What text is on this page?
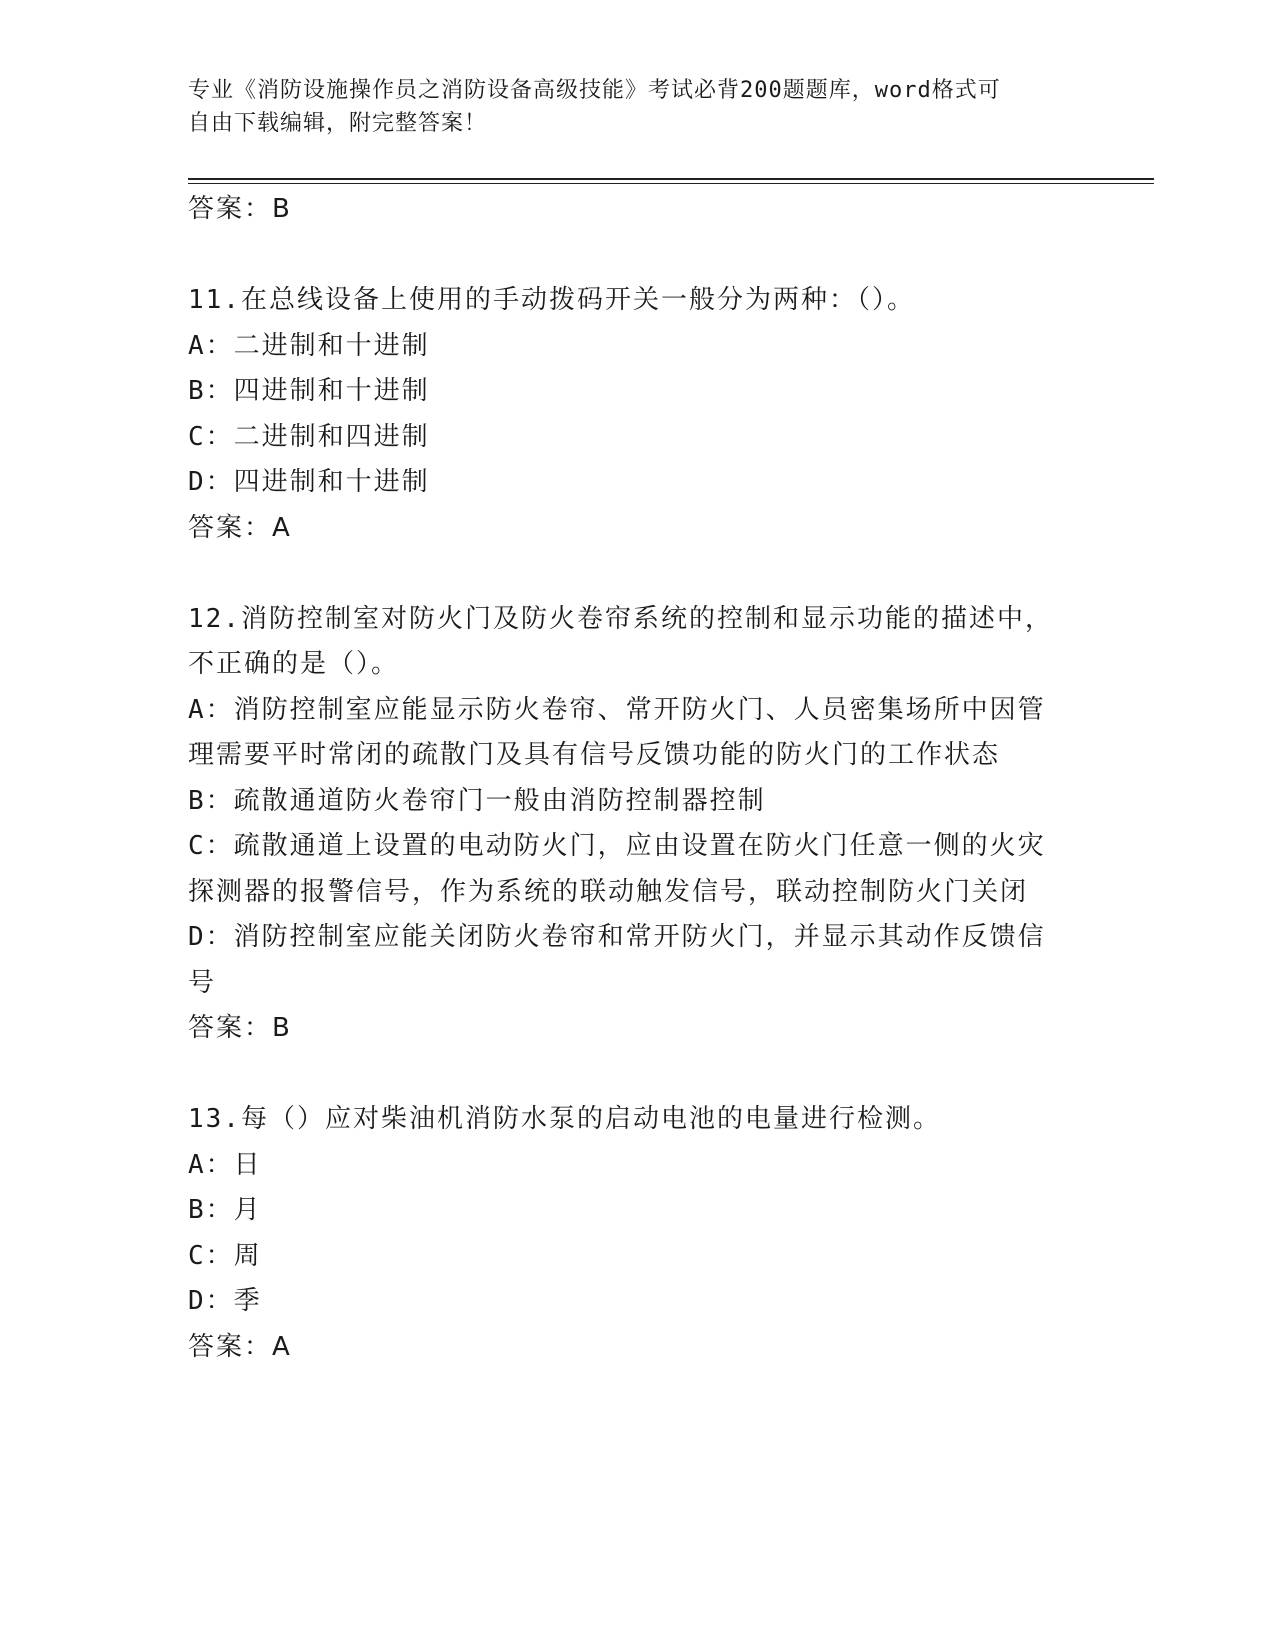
专业《消防设施操作员之消防设备高级技能》考试必背200题题库，word格式可
自由下载编辑，附完整答案！
答案：B
11.在总线设备上使用的手动拨码开关一般分为两种：（）。
A：二进制和十进制
B：四进制和十进制
C：二进制和四进制
D：四进制和十进制
答案：A
12.消防控制室对防火门及防火卷帘系统的控制和显示功能的描述中，
不正确的是（）。
A：消防控制室应能显示防火卷帘、常开防火门、人员密集场所中因管
理需要平时常闭的疏散门及具有信号反馈功能的防火门的工作状态
B：疏散通道防火卷帘门一般由消防控制器控制
C：疏散通道上设置的电动防火门，应由设置在防火门任意一侧的火灾
探测器的报警信号，作为系统的联动触发信号，联动控制防火门关闭
D：消防控制室应能关闭防火卷帘和常开防火门，并显示其动作反馈信
号
答案：B
13.每（）应对柴油机消防水泵的启动电池的电量进行检测。
A：日
B：月
C：周
D：季
答案：A
